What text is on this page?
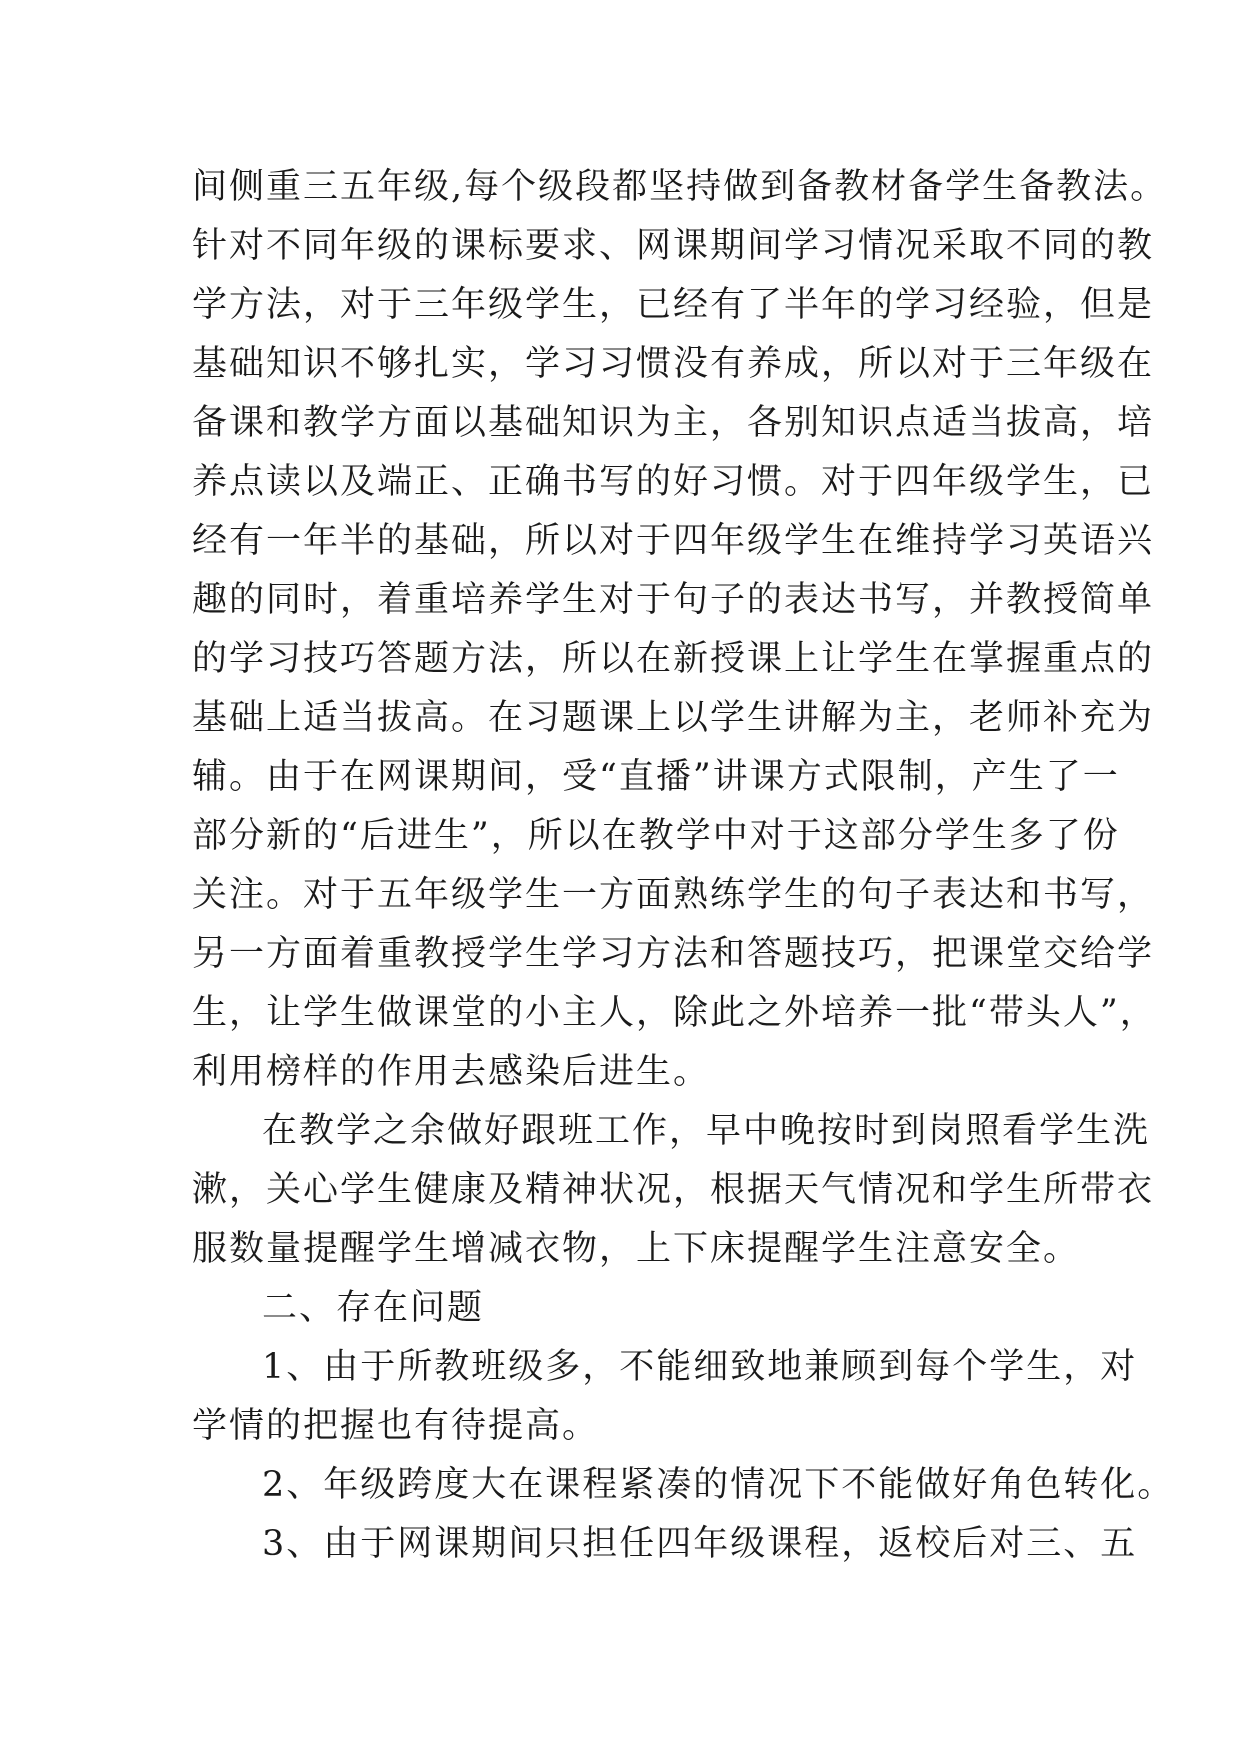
间侧重三五年级,每个级段都坚持做到备教材备学生备教法。
针对不同年级的课标要求、网课期间学习情况采取不同的教
学方法，对于三年级学生，已经有了半年的学习经验，但是
基础知识不够扎实，学习习惯没有养成，所以对于三年级在
备课和教学方面以基础知识为主，各别知识点适当拔高，培
养点读以及端正、正确书写的好习惯。对于四年级学生，已
经有一年半的基础，所以对于四年级学生在维持学习英语兴
趣的同时，着重培养学生对于句子的表达书写，并教授简单
的学习技巧答题方法，所以在新授课上让学生在掌握重点的
基础上适当拔高。在习题课上以学生讲解为主，老师补充为
辅。由于在网课期间，受“直播”讲课方式限制，产生了一
部分新的“后进生”，所以在教学中对于这部分学生多了份
关注。对于五年级学生一方面熟练学生的句子表达和书写，
另一方面着重教授学生学习方法和答题技巧，把课堂交给学
生，让学生做课堂的小主人，除此之外培养一批“带头人”，
利用榜样的作用去感染后进生。
在教学之余做好跟班工作，早中晚按时到岗照看学生洗
漱，关心学生健康及精神状况，根据天气情况和学生所带衣
服数量提醒学生增减衣物，上下床提醒学生注意安全。
二、存在问题
1、由于所教班级多，不能细致地兼顾到每个学生，对
学情的把握也有待提高。
2、年级跨度大在课程紧凑的情况下不能做好角色转化。
3、由于网课期间只担任四年级课程，返校后对三、五
